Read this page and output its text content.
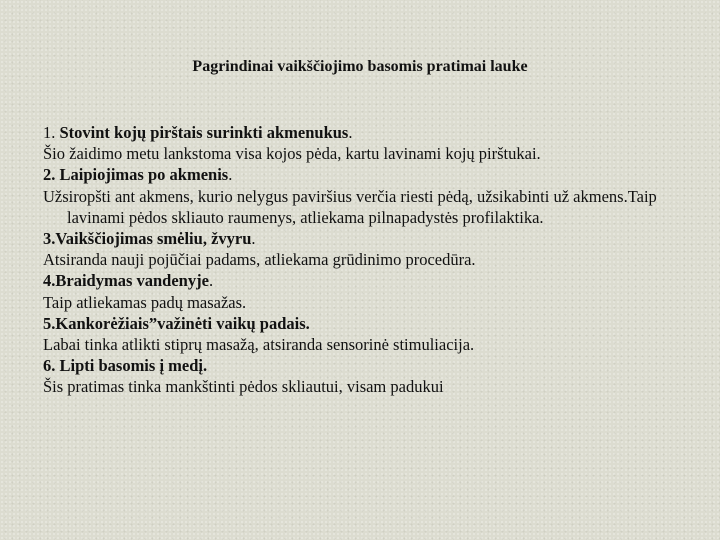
Pagrindinai vaikščiojimo basomis pratimai lauke

1. Stovint kojų pirštais surinkti akmenukus.

Šio žaidimo metu lankstoma visa kojos pėda, kartu lavinami kojų pirštukai.

2. Laipiojimas po akmenis.

Užsiropšti ant akmens, kurio nelygus paviršius verčia riesti pėdą, užsikabinti už akmens.Taip lavinami pėdos skliauto raumenys, atliekama pilnapadystės profilaktika.

3.Vaikščiojimas smėliu, žvyru.

Atsiranda nauji pojūčiai padams, atliekama grūdinimo procedūra.

4.Braidymas vandenyje.

Taip atliekamas padų masažas.

5.Kankorėžiais”važinėti vaikų padais.

Labai tinka atlikti stiprų masažą, atsiranda sensorinė stimuliacija.

6. Lipti basomis į medį.

Šis pratimas tinka mankštinti pėdos skliautui, visam padukui
